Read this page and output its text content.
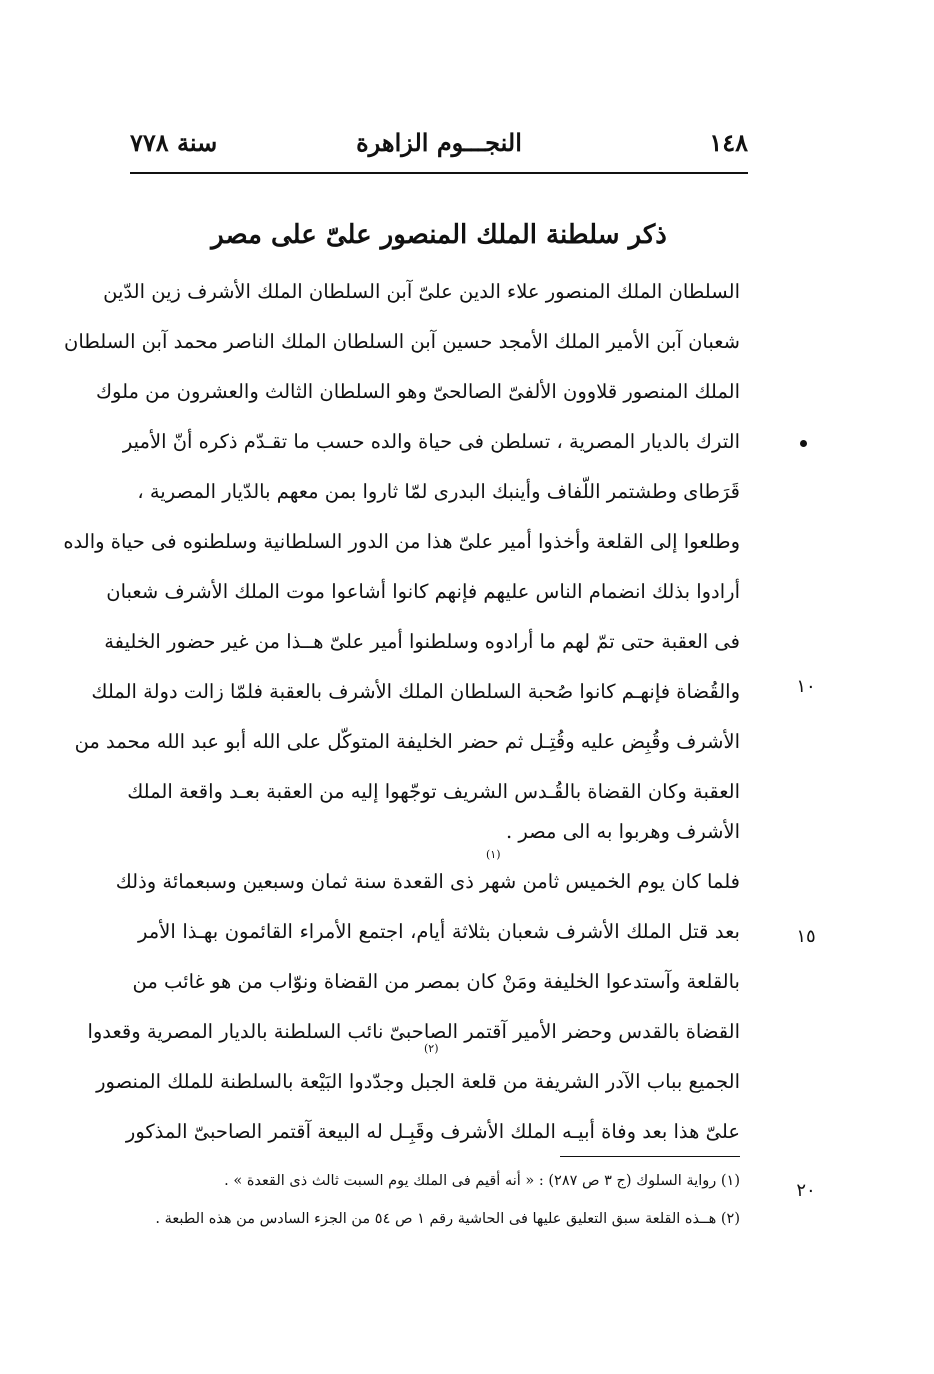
١٤٨
النجـــوم الزاهرة
سنة ٧٧٨
ذكر سلطنة الملك المنصور علىّ على مصر
السلطان الملك المنصور علاء الدين علىّ آبن السلطان الملك الأشرف زين الدّين
شعبان آبن الأمير الملك الأمجد حسين آبن السلطان الملك الناصر محمد آبن السلطان
الملك المنصور قلاوون الألفىّ الصالحىّ وهو السلطان الثالث والعشرون من ملوك
الترك بالديار المصرية ، تسلطن فى حياة والده حسب ما تقـدّم ذكره أنّ الأمير
قَرَطاى وطشتمر اللّفاف وأينبك البدرى لمّا ثاروا بمن معهم بالدّيار المصرية ،
وطلعوا إلى القلعة وأخذوا أمير علىّ هذا من الدور السلطانية وسلطنوه فى حياة والده
أرادوا بذلك انضمام الناس عليهم فإنهم كانوا أشاعوا موت الملك الأشرف شعبان
فى العقبة حتى تمّ لهم ما أرادوه وسلطنوا أمير علىّ هــذا من غير حضور الخليفة
والقُضاة فإنهـم كانوا صُحبة السلطان الملك الأشرف بالعقبة فلمّا زالت دولة الملك
الأشرف وقُبِض عليه وقُتِـل ثم حضر الخليفة المتوكّل على الله أبو عبد الله محمد من
العقبة وكان القضاة بالقُـدس الشريف توجّهوا إليه من العقبة بعـد واقعة الملك
الأشرف وهربوا به الى مصر .
فلما كان يوم الخميس ثامن شهر ذى القعدة سنة ثمان وسبعين وسبعمائة وذلك
(١)
بعد قتل الملك الأشرف شعبان بثلاثة أيام، اجتمع الأمراء القائمون بهـذا الأمر
بالقلعة وآستدعوا الخليفة ومَنْ كان بمصر من القضاة ونوّاب من هو غائب من
القضاة بالقدس وحضر الأمير آقتمر الصاحبىّ نائب السلطنة بالديار المصرية وقعدوا
(٢)
الجميع بباب الآدر الشريفة من قلعة الجبل وجدّدوا البَيْعة بالسلطنة للملك المنصور
علىّ هذا بعد وفاة أبيـه الملك الأشرف وقَبِـل له البيعة آقتمر الصاحبىّ المذكور
(١) رواية السلوك (ج ٣ ص ٢٨٧) : « أنه أقيم فى الملك يوم السبت ثالث ذى القعدة » .
(٢) هــذه القلعة سبق التعليق عليها فى الحاشية رقم ١ ص ٥٤ من الجزء السادس من هذه الطبعة .
١٠
١٥
٢٠
